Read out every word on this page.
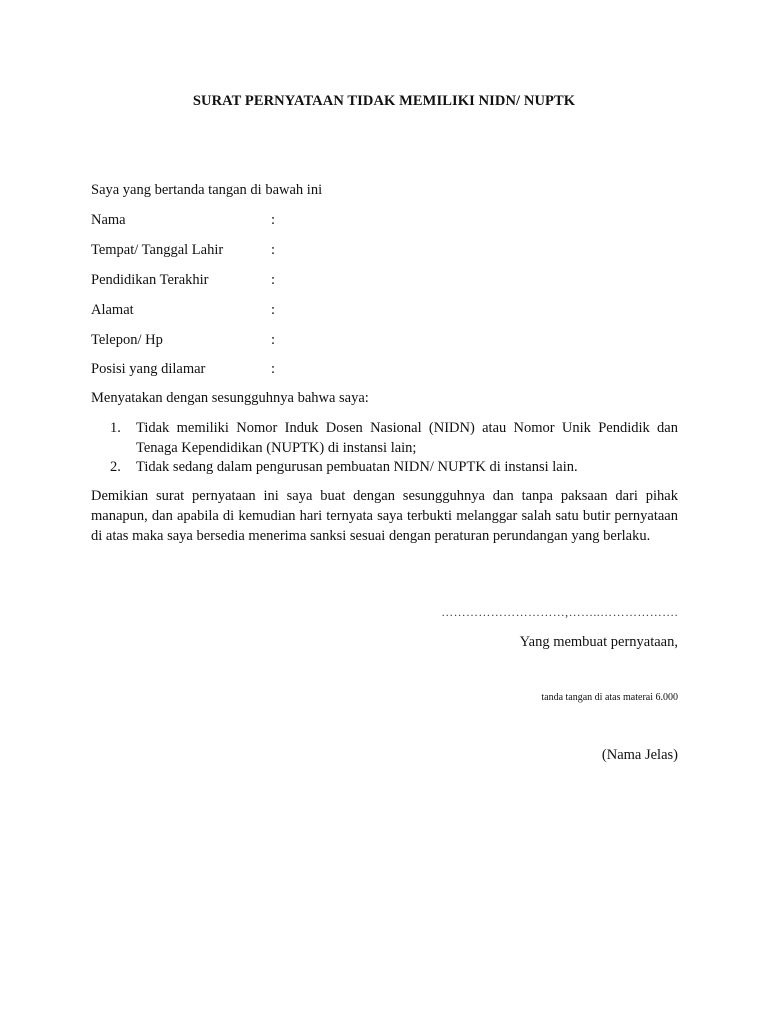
SURAT PERNYATAAN TIDAK MEMILIKI NIDN/ NUPTK
Saya yang bertanda tangan di bawah ini
Nama	:
Tempat/ Tanggal Lahir	:
Pendidikan Terakhir	:
Alamat	:
Telepon/ Hp	:
Posisi yang dilamar	:
Menyatakan dengan sesungguhnya bahwa saya:
1. Tidak memiliki Nomor Induk Dosen Nasional (NIDN) atau Nomor Unik Pendidik dan Tenaga Kependidikan (NUPTK) di instansi lain;
2. Tidak sedang dalam pengurusan pembuatan NIDN/ NUPTK di instansi lain.
Demikian surat pernyataan ini saya buat dengan sesungguhnya dan tanpa paksaan dari pihak manapun, dan apabila di kemudian hari ternyata saya terbukti melanggar salah satu butir pernyataan di atas maka saya bersedia menerima sanksi sesuai dengan peraturan perundangan yang berlaku.
…………………………,……..……………….
Yang membuat pernyataan,
tanda tangan di atas materai 6.000
(Nama Jelas)
